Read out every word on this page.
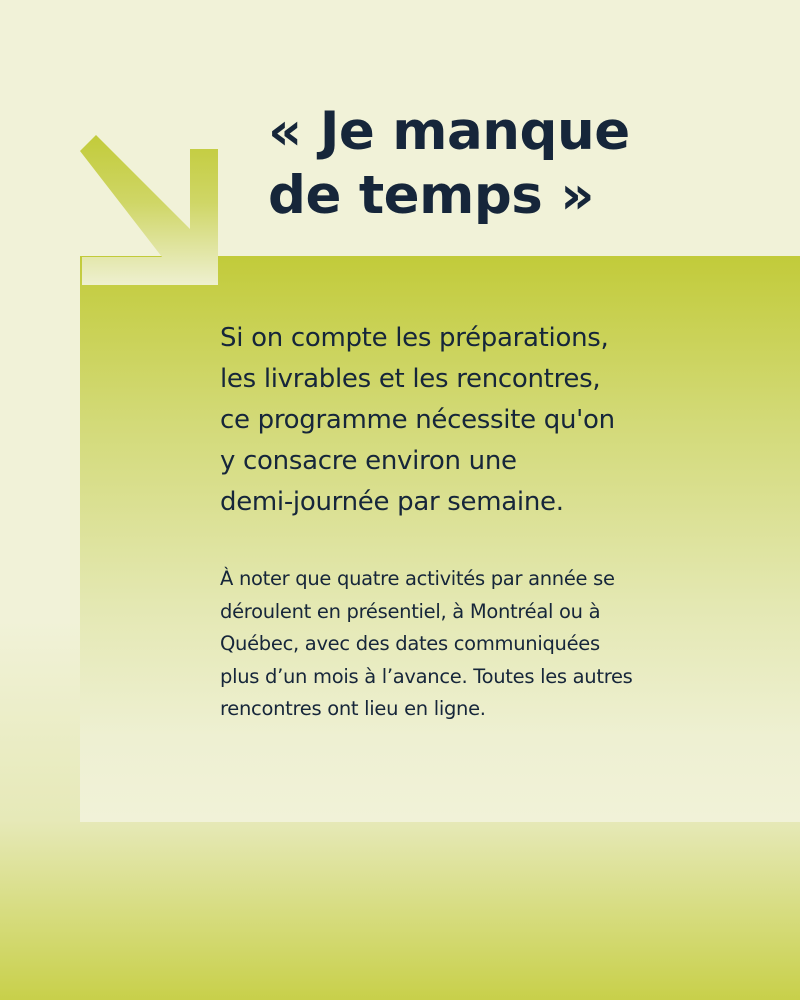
« Je manque
de temps »

Si on compte les préparations,
les livrables et les rencontres,
ce programme nécessite qu'on
y consacre environ une
demi-journée par semaine.

À noter que quatre activités par année se
déroulent en présentiel, à Montréal ou à
Québec, avec des dates communiquées
plus d’un mois à l’avance. Toutes les autres
rencontres ont lieu en ligne.
